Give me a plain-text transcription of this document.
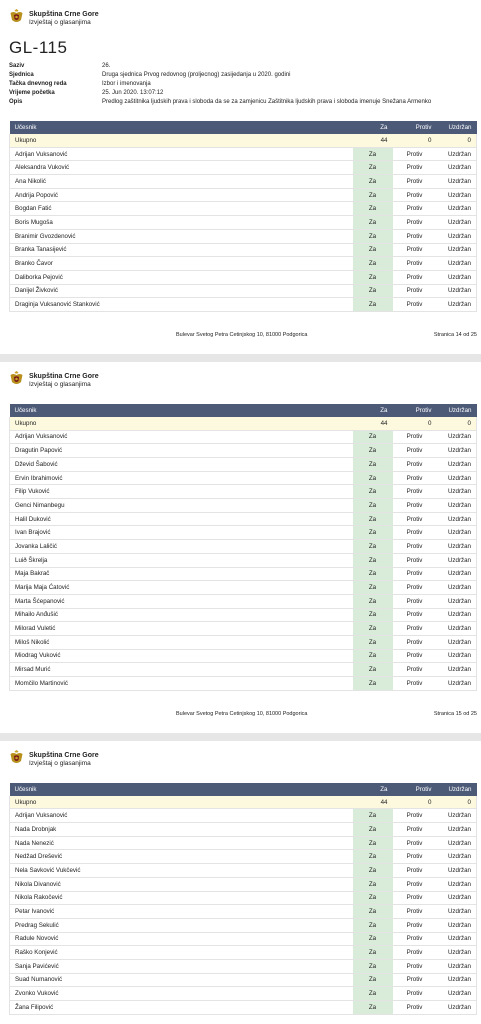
Skupština Crne Gore
Izvještaj o glasanjima
GL-115
Saziv	26.
Sjednica	Druga sjednica Prvog redovnog (proljecnog) zasijedanja u 2020. godini
Tačka dnevnog reda	Izbor i imenovanja
Vrijeme početka	25. Jun 2020. 13:07:12
Opis	Predlog zaštitnika ljudskih prava i sloboda da se za zamjenicu Zaštitnika ljudskih prava i sloboda imenuje Snežana Armenko
Učesnik	Za	Protiv	Uzdržan
Ukupno	44	0	0
Adrijan Vuksanović	Za	Protiv	Uzdržan
Aleksandra Vuković	Za	Protiv	Uzdržan
Ana Nikolić	Za	Protiv	Uzdržan
Andrija Popović	Za	Protiv	Uzdržan
Bogdan Fatić	Za	Protiv	Uzdržan
Boris Mugoša	Za	Protiv	Uzdržan
Branimir Gvozdenović	Za	Protiv	Uzdržan
Branka Tanasijević	Za	Protiv	Uzdržan
Branko Čavor	Za	Protiv	Uzdržan
Daliborka Pejović	Za	Protiv	Uzdržan
Danijel Živković	Za	Protiv	Uzdržan
Draginja Vuksanović Stanković	Za	Protiv	Uzdržan
Bulevar Svetog Petra Cetinjskog 10, 81000 Podgorica	Stranica 14 od 25
Skupština Crne Gore
Izvještaj o glasanjima
Učesnik	Za	Protiv	Uzdržan
Ukupno	44	0	0
Adrijan Vuksanović	Za	Protiv	Uzdržan
Dragutin Papović	Za	Protiv	Uzdržan
Dževid Šabović	Za	Protiv	Uzdržan
Ervin Ibrahimović	Za	Protiv	Uzdržan
Filip Vuković	Za	Protiv	Uzdržan
Genci Nimanbegu	Za	Protiv	Uzdržan
Halil Duković	Za	Protiv	Uzdržan
Ivan Brajović	Za	Protiv	Uzdržan
Jovanka Laličić	Za	Protiv	Uzdržan
Luið Škrelja	Za	Protiv	Uzdržan
Maja Bakrač	Za	Protiv	Uzdržan
Marija Maja Ćatović	Za	Protiv	Uzdržan
Marta Šćepanović	Za	Protiv	Uzdržan
Mihailo Anđušić	Za	Protiv	Uzdržan
Milorad Vuletić	Za	Protiv	Uzdržan
Miloš Nikolić	Za	Protiv	Uzdržan
Miodrag Vuković	Za	Protiv	Uzdržan
Mirsad Murić	Za	Protiv	Uzdržan
Momčilo Martinović	Za	Protiv	Uzdržan
Bulevar Svetog Petra Cetinjskog 10, 81000 Podgorica	Stranica 15 od 25
Skupština Crne Gore
Izvještaj o glasanjima
Učesnik	Za	Protiv	Uzdržan
Ukupno	44	0	0
Adrijan Vuksanović	Za	Protiv	Uzdržan
Nada Drobnjak	Za	Protiv	Uzdržan
Nada Nenezić	Za	Protiv	Uzdržan
Nedžad Drešević	Za	Protiv	Uzdržan
Nela Savković Vukčević	Za	Protiv	Uzdržan
Nikola Divanović	Za	Protiv	Uzdržan
Nikola Rakočević	Za	Protiv	Uzdržan
Petar Ivanović	Za	Protiv	Uzdržan
Predrag Sekulić	Za	Protiv	Uzdržan
Radule Novović	Za	Protiv	Uzdržan
Raško Konjević	Za	Protiv	Uzdržan
Sanja Pavićević	Za	Protiv	Uzdržan
Suad Numanović	Za	Protiv	Uzdržan
Zvonko Vuković	Za	Protiv	Uzdržan
Žana Filipović	Za	Protiv	Uzdržan
